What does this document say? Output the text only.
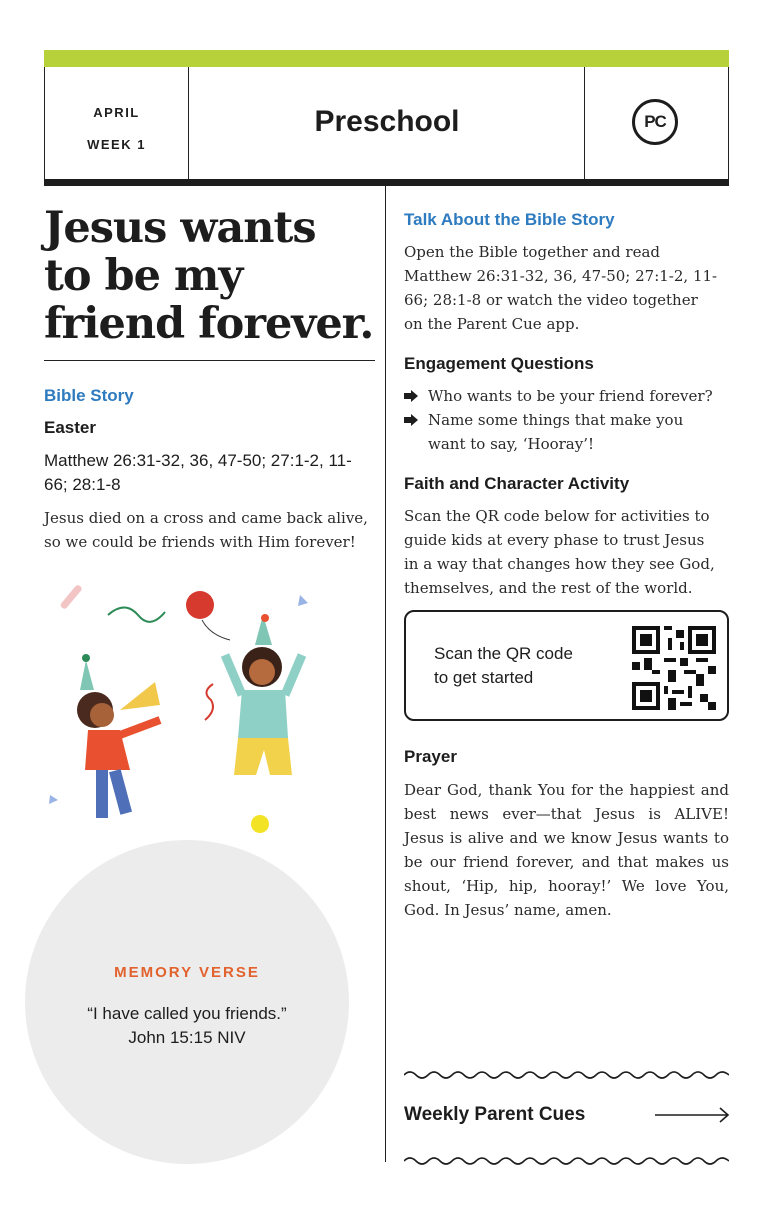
APRIL
WEEK 1
Preschool	PC
Jesus wants to be my friend forever.
Bible Story
Easter
Matthew 26:31-32, 36, 47-50; 27:1-2, 11-66; 28:1-8
Jesus died on a cross and came back alive, so we could be friends with Him forever!
MEMORY VERSE
“I have called you friends.”
John 15:15 NIV
Talk About the Bible Story
Open the Bible together and read Matthew 26:31-32, 36, 47-50; 27:1-2, 11-66; 28:1-8 or watch the video together on the Parent Cue app.
Engagement Questions
Who wants to be your friend forever?
Name some things that make you want to say, ‘Hooray’!
Faith and Character Activity
Scan the QR code below for activities to guide kids at every phase to trust Jesus in a way that changes how they see God, themselves, and the rest of the world.
Scan the QR code
to get started
Prayer
Dear God, thank You for the happiest and best news ever—that Jesus is ALIVE! Jesus is alive and we know Jesus wants to be our friend forever, and that makes us shout, ‘Hip, hip, hooray!’ We love You, God. In Jesus’ name, amen.
Weekly Parent Cues
